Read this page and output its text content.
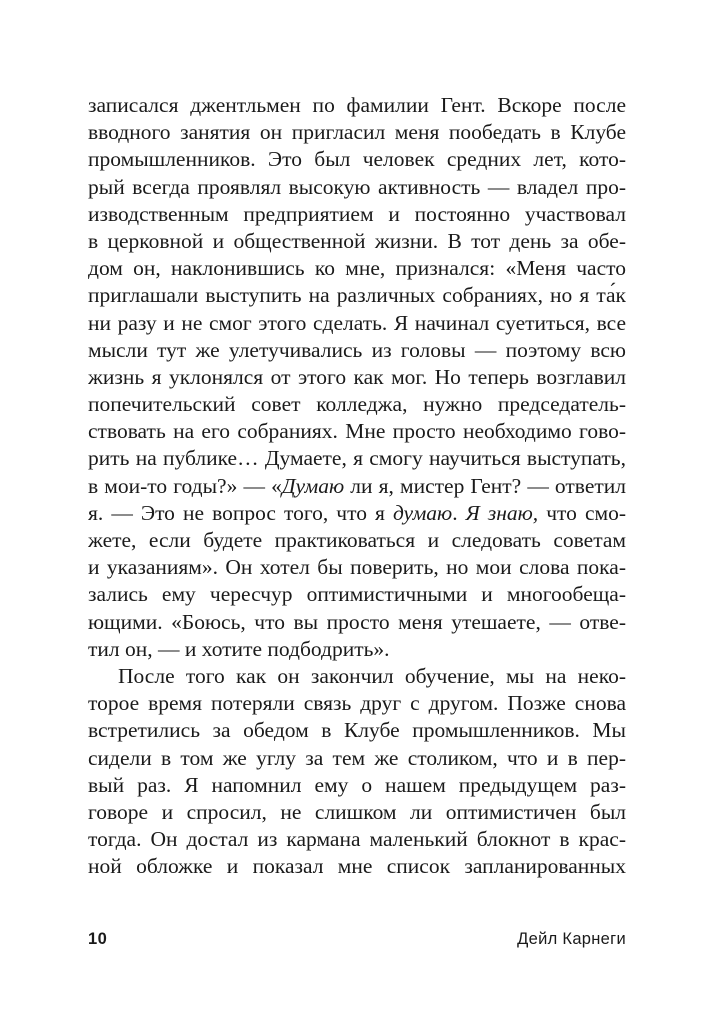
записался джентльмен по фамилии Гент. Вскоре после
вводного занятия он пригласил меня пообедать в Клубе
промышленников. Это был человек средних лет, кото-
рый всегда проявлял высокую активность — владел про-
изводственным предприятием и постоянно участвовал
в церковной и общественной жизни. В тот день за обе-
дом он, наклонившись ко мне, признался: «Меня часто
приглашали выступить на различных собраниях, но я та́к
ни разу и не смог этого сделать. Я начинал суетиться, все
мысли тут же улетучивались из головы — поэтому всю
жизнь я уклонялся от этого как мог. Но теперь возглавил
попечительский совет колледжа, нужно председатель-
ствовать на его собраниях. Мне просто необходимо гово-
рить на публике… Думаете, я смогу научиться выступать,
в мои-то годы?» — «Думаю ли я, мистер Гент? — ответил
я. — Это не вопрос того, что я думаю. Я знаю, что смо-
жете, если будете практиковаться и следовать советам
и указаниям». Он хотел бы поверить, но мои слова пока-
зались ему чересчур оптимистичными и многообеща-
ющими. «Боюсь, что вы просто меня утешаете, — отве-
тил он, — и хотите подбодрить».
После того как он закончил обучение, мы на неко-
торое время потеряли связь друг с другом. Позже снова
встретились за обедом в Клубе промышленников. Мы
сидели в том же углу за тем же столиком, что и в пер-
вый раз. Я напомнил ему о нашем предыдущем раз-
говоре и спросил, не слишком ли оптимистичен был
тогда. Он достал из кармана маленький блокнот в крас-
ной обложке и показал мне список запланированных
10	Дейл Карнеги
